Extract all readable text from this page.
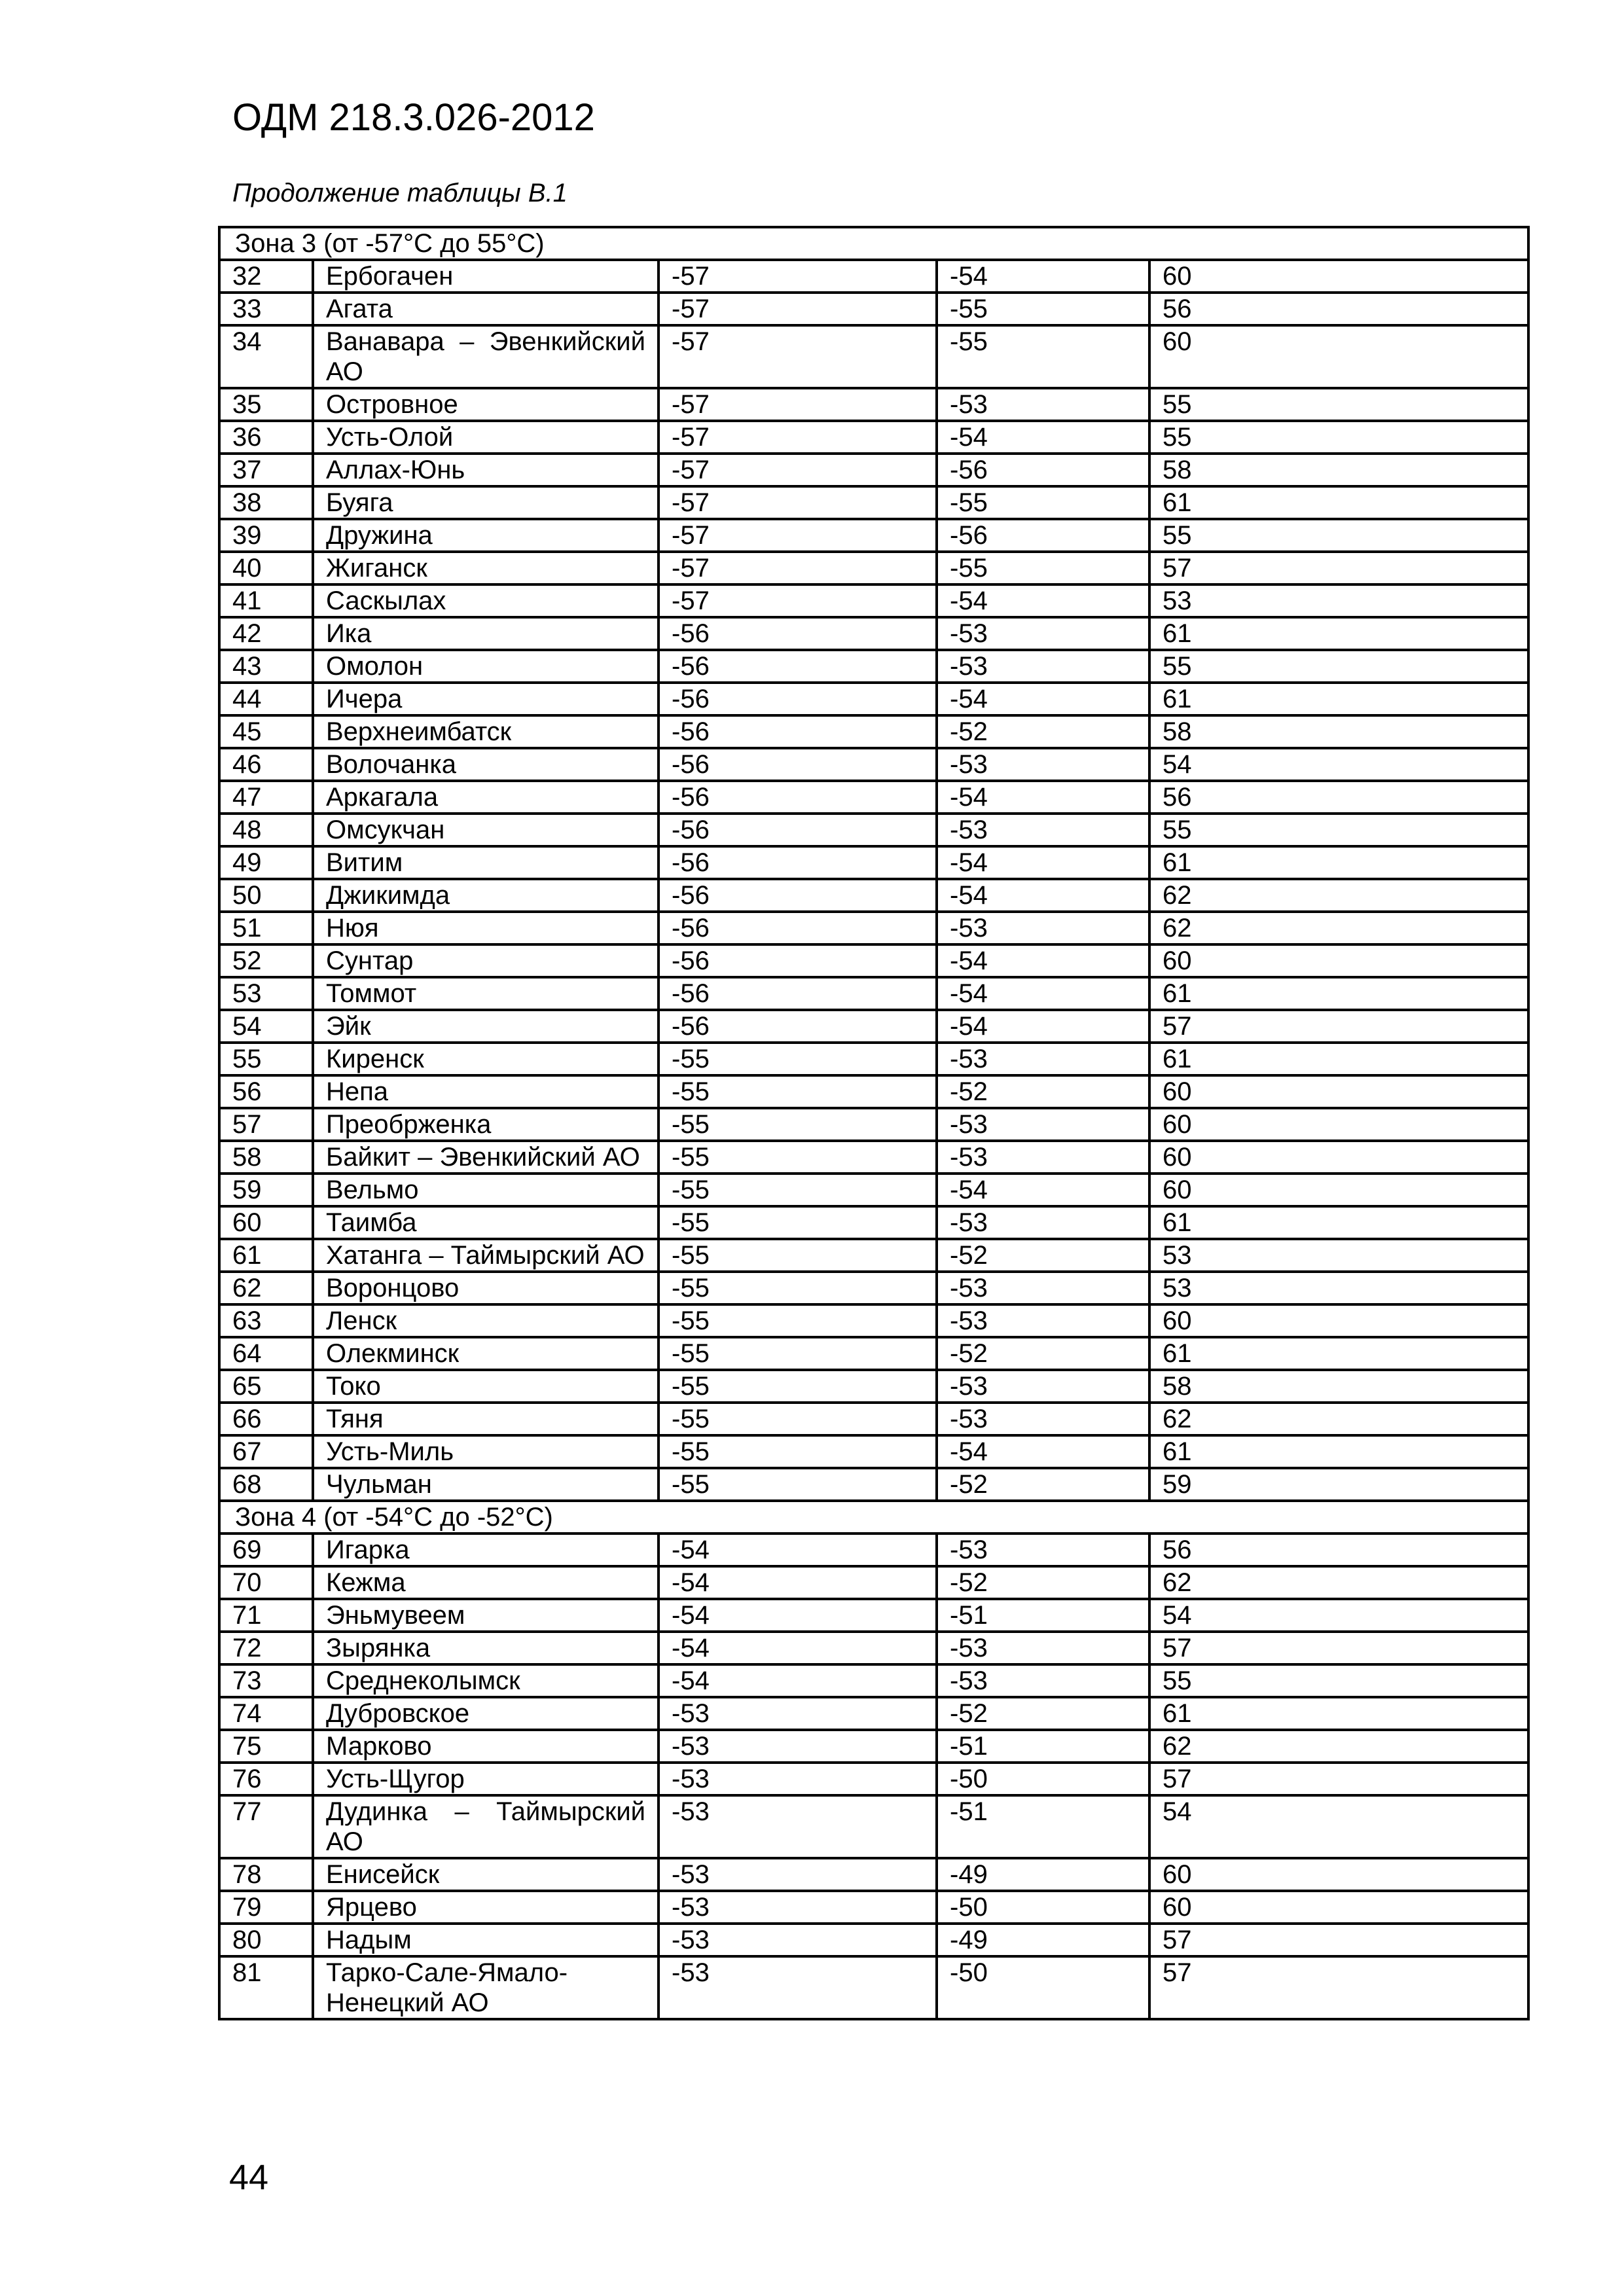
ОДМ 218.3.026-2012
Продолжение таблицы В.1
Зона 3 (от -57°С до 55°С)				
32	Ербогачен	-57	-54	60
33	Агата	-57	-55	56
34	Ванавара – Эвенкийский АО	-57	-55	60
35	Островное	-57	-53	55
36	Усть-Олой	-57	-54	55
37	Аллах-Юнь	-57	-56	58
38	Буяга	-57	-55	61
39	Дружина	-57	-56	55
40	Жиганск	-57	-55	57
41	Саскылах	-57	-54	53
42	Ика	-56	-53	61
43	Омолон	-56	-53	55
44	Ичера	-56	-54	61
45	Верхнеимбатск	-56	-52	58
46	Волочанка	-56	-53	54
47	Аркагала	-56	-54	56
48	Омсукчан	-56	-53	55
49	Витим	-56	-54	61
50	Джикимда	-56	-54	62
51	Нюя	-56	-53	62
52	Сунтар	-56	-54	60
53	Томмот	-56	-54	61
54	Эйк	-56	-54	57
55	Киренск	-55	-53	61
56	Непа	-55	-52	60
57	Преобрженка	-55	-53	60
58	Байкит – Эвенкийский АО	-55	-53	60
59	Вельмо	-55	-54	60
60	Таимба	-55	-53	61
61	Хатанга – Таймырский АО	-55	-52	53
62	Воронцово	-55	-53	53
63	Ленск	-55	-53	60
64	Олекминск	-55	-52	61
65	Токо	-55	-53	58
66	Тяня	-55	-53	62
67	Усть-Миль	-55	-54	61
68	Чульман	-55	-52	59
Зона 4 (от -54°С до -52°С)				
69	Игарка	-54	-53	56
70	Кежма	-54	-52	62
71	Эньмувеем	-54	-51	54
72	Зырянка	-54	-53	57
73	Среднеколымск	-54	-53	55
74	Дубровское	-53	-52	61
75	Марково	-53	-51	62
76	Усть-Щугор	-53	-50	57
77	Дудинка – Таймырский АО	-53	-51	54
78	Енисейск	-53	-49	60
79	Ярцево	-53	-50	60
80	Надым	-53	-49	57
81	Тарко-Сале-Ямало-Ненецкий АО	-53	-50	57
44
